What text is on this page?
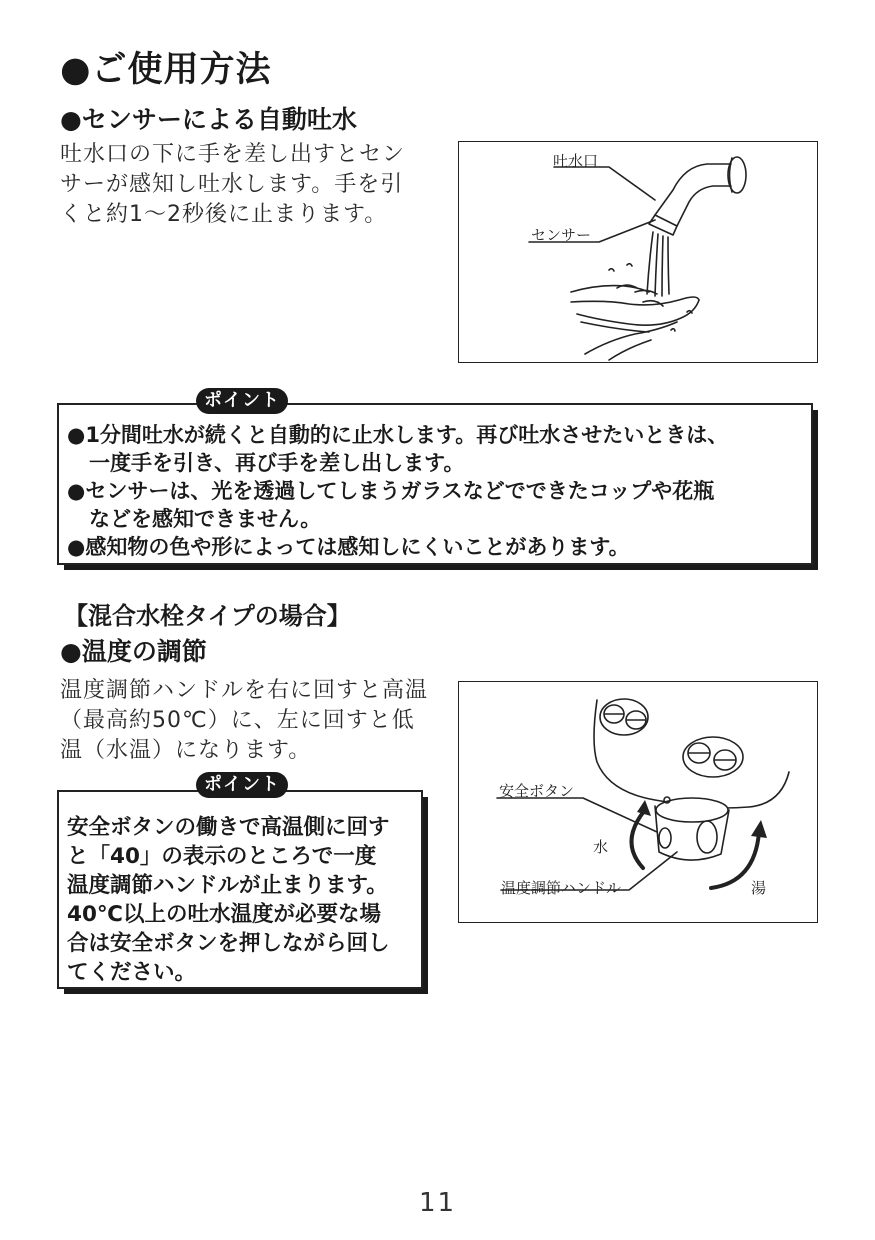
●ご使用方法
●センサーによる自動吐水
吐水口の下に手を差し出すとセン
サーが感知し吐水します。手を引
くと約1～2秒後に止まります。
吐水口
センサー
●1分間吐水が続くと自動的に止水します。再び吐水させたいときは、
一度手を引き、再び手を差し出します。
●センサーは、光を透過してしまうガラスなどでできたコップや花瓶
などを感知できません。
●感知物の色や形によっては感知しにくいことがあります。
ポイント
【混合水栓タイプの場合】
●温度の調節
温度調節ハンドルを右に回すと高温
（最高約50℃）に、左に回すと低
温（水温）になります。
安全ボタン
水
温度調節ハンドル	湯
安全ボタンの働きで高温側に回す
と「40」の表示のところで一度
温度調節ハンドルが止まります。
40℃以上の吐水温度が必要な場
合は安全ボタンを押しながら回し
てください。
ポイント
11
